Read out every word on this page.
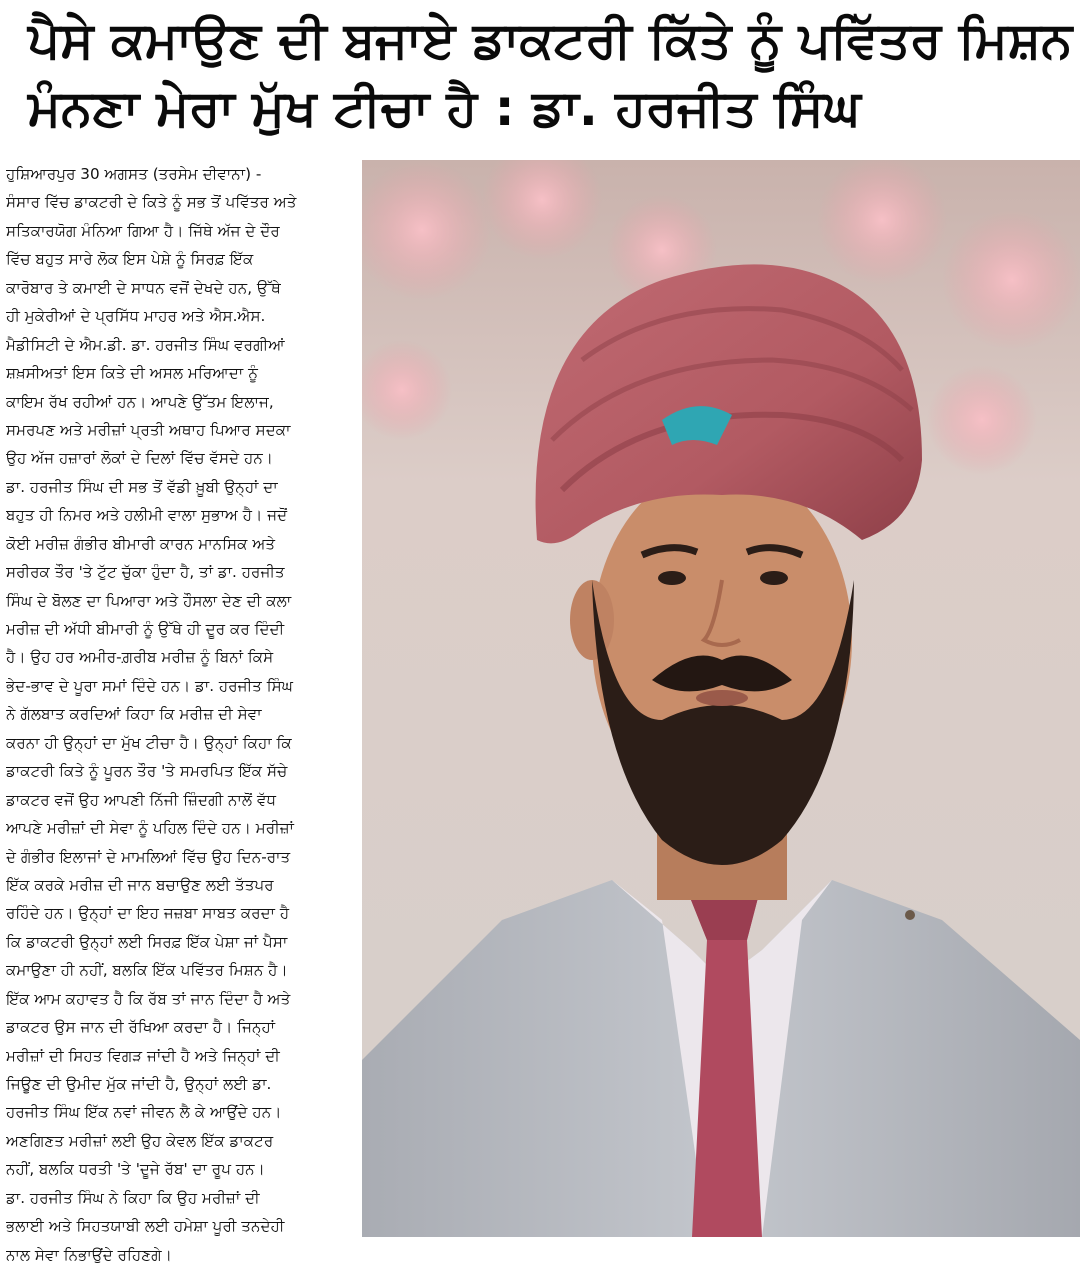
ਪੈਸੇ ਕਮਾਉਣ ਦੀ ਬਜਾਏ ਡਾਕਟਰੀ ਕਿੱਤੇ ਨੂੰ ਪਵਿੱਤਰ ਮਿਸ਼ਨ
ਮੰਨਣਾ ਮੇਰਾ ਮੁੱਖ ਟੀਚਾ ਹੈ : ਡਾ. ਹਰਜੀਤ ਸਿੰਘ
ਹੁਸ਼ਿਆਰਪੁਰ 30 ਅਗਸਤ (ਤਰਸੇਮ ਦੀਵਾਨਾ) -
ਸੰਸਾਰ ਵਿੱਚ ਡਾਕਟਰੀ ਦੇ ਕਿਤੇ ਨੂੰ ਸਭ ਤੋਂ ਪਵਿੱਤਰ ਅਤੇ
ਸਤਿਕਾਰਯੋਗ ਮੰਨਿਆ ਗਿਆ ਹੈ। ਜਿੱਥੇ ਅੱਜ ਦੇ ਦੌਰ
ਵਿੱਚ ਬਹੁਤ ਸਾਰੇ ਲੋਕ ਇਸ ਪੇਸ਼ੇ ਨੂੰ ਸਿਰਫ਼ ਇੱਕ
ਕਾਰੋਬਾਰ ਤੇ ਕਮਾਈ ਦੇ ਸਾਧਨ ਵਜੋਂ ਦੇਖਦੇ ਹਨ, ਉੱਥੇ
ਹੀ ਮੁਕੇਰੀਆਂ ਦੇ ਪ੍ਰਸਿੱਧ ਮਾਹਰ ਅਤੇ ਐਸ.ਐਸ.
ਮੈਡੀਸਿਟੀ ਦੇ ਐਮ.ਡੀ. ਡਾ. ਹਰਜੀਤ ਸਿੰਘ ਵਰਗੀਆਂ
ਸ਼ਖ਼ਸੀਅਤਾਂ ਇਸ ਕਿਤੇ ਦੀ ਅਸਲ ਮਰਿਆਦਾ ਨੂੰ
ਕਾਇਮ ਰੱਖ ਰਹੀਆਂ ਹਨ। ਆਪਣੇ ਉੱਤਮ ਇਲਾਜ,
ਸਮਰਪਣ ਅਤੇ ਮਰੀਜ਼ਾਂ ਪ੍ਰਤੀ ਅਥਾਹ ਪਿਆਰ ਸਦਕਾ
ਉਹ ਅੱਜ ਹਜ਼ਾਰਾਂ ਲੋਕਾਂ ਦੇ ਦਿਲਾਂ ਵਿੱਚ ਵੱਸਦੇ ਹਨ।
ਡਾ. ਹਰਜੀਤ ਸਿੰਘ ਦੀ ਸਭ ਤੋਂ ਵੱਡੀ ਖ਼ੂਬੀ ਉਨ੍ਹਾਂ ਦਾ
ਬਹੁਤ ਹੀ ਨਿਮਰ ਅਤੇ ਹਲੀਮੀ ਵਾਲਾ ਸੁਭਾਅ ਹੈ। ਜਦੋਂ
ਕੋਈ ਮਰੀਜ਼ ਗੰਭੀਰ ਬੀਮਾਰੀ ਕਾਰਨ ਮਾਨਸਿਕ ਅਤੇ
ਸਰੀਰਕ ਤੌਰ 'ਤੇ ਟੁੱਟ ਚੁੱਕਾ ਹੁੰਦਾ ਹੈ, ਤਾਂ ਡਾ. ਹਰਜੀਤ
ਸਿੰਘ ਦੇ ਬੋਲਣ ਦਾ ਪਿਆਰਾ ਅਤੇ ਹੌਸਲਾ ਦੇਣ ਦੀ ਕਲਾ
ਮਰੀਜ਼ ਦੀ ਅੱਧੀ ਬੀਮਾਰੀ ਨੂੰ ਉੱਥੇ ਹੀ ਦੂਰ ਕਰ ਦਿੰਦੀ
ਹੈ। ਉਹ ਹਰ ਅਮੀਰ-ਗ਼ਰੀਬ ਮਰੀਜ਼ ਨੂੰ ਬਿਨਾਂ ਕਿਸੇ
ਭੇਦ-ਭਾਵ ਦੇ ਪੂਰਾ ਸਮਾਂ ਦਿੰਦੇ ਹਨ। ਡਾ. ਹਰਜੀਤ ਸਿੰਘ
ਨੇ ਗੱਲਬਾਤ ਕਰਦਿਆਂ ਕਿਹਾ ਕਿ ਮਰੀਜ਼ ਦੀ ਸੇਵਾ
ਕਰਨਾ ਹੀ ਉਨ੍ਹਾਂ ਦਾ ਮੁੱਖ ਟੀਚਾ ਹੈ। ਉਨ੍ਹਾਂ ਕਿਹਾ ਕਿ
ਡਾਕਟਰੀ ਕਿਤੇ ਨੂੰ ਪੂਰਨ ਤੌਰ 'ਤੇ ਸਮਰਪਿਤ ਇੱਕ ਸੱਚੇ
ਡਾਕਟਰ ਵਜੋਂ ਉਹ ਆਪਣੀ ਨਿੱਜੀ ਜ਼ਿੰਦਗੀ ਨਾਲੋਂ ਵੱਧ
ਆਪਣੇ ਮਰੀਜ਼ਾਂ ਦੀ ਸੇਵਾ ਨੂੰ ਪਹਿਲ ਦਿੰਦੇ ਹਨ। ਮਰੀਜ਼ਾਂ
ਦੇ ਗੰਭੀਰ ਇਲਾਜਾਂ ਦੇ ਮਾਮਲਿਆਂ ਵਿੱਚ ਉਹ ਦਿਨ-ਰਾਤ
ਇੱਕ ਕਰਕੇ ਮਰੀਜ਼ ਦੀ ਜਾਨ ਬਚਾਉਣ ਲਈ ਤੱਤਪਰ
ਰਹਿੰਦੇ ਹਨ। ਉਨ੍ਹਾਂ ਦਾ ਇਹ ਜਜ਼ਬਾ ਸਾਬਤ ਕਰਦਾ ਹੈ
ਕਿ ਡਾਕਟਰੀ ਉਨ੍ਹਾਂ ਲਈ ਸਿਰਫ਼ ਇੱਕ ਪੇਸ਼ਾ ਜਾਂ ਪੈਸਾ
ਕਮਾਉਣਾ ਹੀ ਨਹੀਂ, ਬਲਕਿ ਇੱਕ ਪਵਿੱਤਰ ਮਿਸ਼ਨ ਹੈ।
ਇੱਕ ਆਮ ਕਹਾਵਤ ਹੈ ਕਿ ਰੱਬ ਤਾਂ ਜਾਨ ਦਿੰਦਾ ਹੈ ਅਤੇ
ਡਾਕਟਰ ਉਸ ਜਾਨ ਦੀ ਰੱਖਿਆ ਕਰਦਾ ਹੈ। ਜਿਨ੍ਹਾਂ
ਮਰੀਜ਼ਾਂ ਦੀ ਸਿਹਤ ਵਿਗੜ ਜਾਂਦੀ ਹੈ ਅਤੇ ਜਿਨ੍ਹਾਂ ਦੀ
ਜਿਊਣ ਦੀ ਉਮੀਦ ਮੁੱਕ ਜਾਂਦੀ ਹੈ, ਉਨ੍ਹਾਂ ਲਈ ਡਾ.
ਹਰਜੀਤ ਸਿੰਘ ਇੱਕ ਨਵਾਂ ਜੀਵਨ ਲੈ ਕੇ ਆਉਂਦੇ ਹਨ।
ਅਣਗਿਣਤ ਮਰੀਜ਼ਾਂ ਲਈ ਉਹ ਕੇਵਲ ਇੱਕ ਡਾਕਟਰ
ਨਹੀਂ, ਬਲਕਿ ਧਰਤੀ 'ਤੇ 'ਦੂਜੇ ਰੱਬ' ਦਾ ਰੂਪ ਹਨ।
ਡਾ. ਹਰਜੀਤ ਸਿੰਘ ਨੇ ਕਿਹਾ ਕਿ ਉਹ ਮਰੀਜ਼ਾਂ ਦੀ
ਭਲਾਈ ਅਤੇ ਸਿਹਤਯਾਬੀ ਲਈ ਹਮੇਸ਼ਾ ਪੂਰੀ ਤਨਦੇਹੀ
ਨਾਲ ਸੇਵਾ ਨਿਭਾਉਂਦੇ ਰਹਿਣਗੇ।
